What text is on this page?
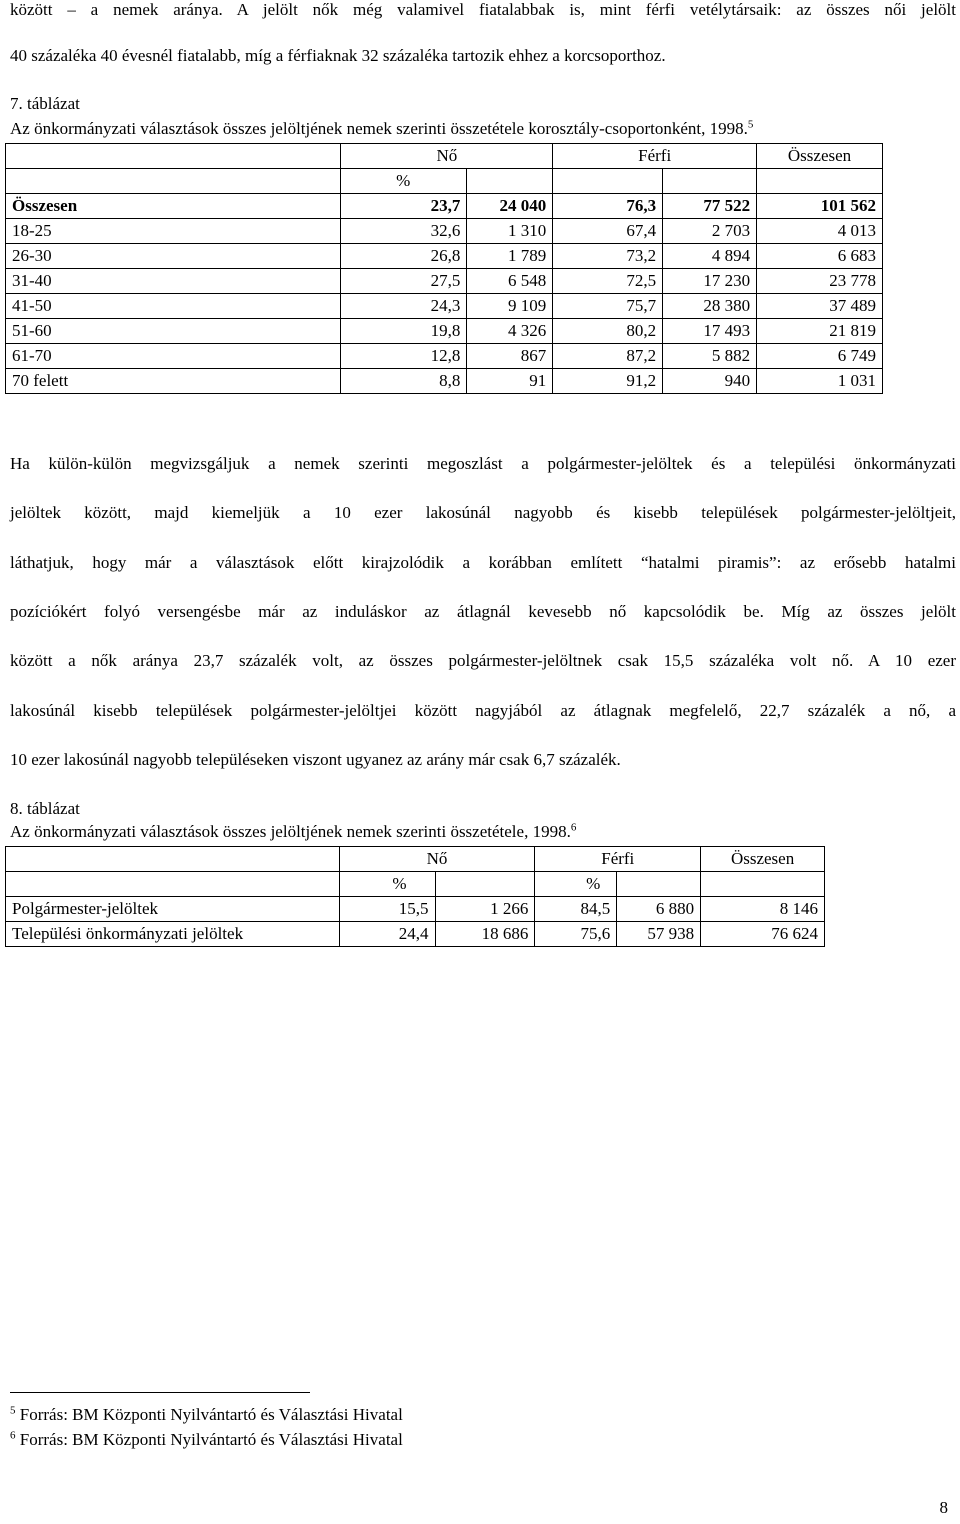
között – a nemek aránya. A jelölt nők még valamivel fiatalabbak is, mint férfi vetélytársaik: az összes női jelölt
40 százaléka 40 évesnél fiatalabb, míg a férfiaknak 32 százaléka tartozik ehhez a korcsoporthoz.
7. táblázat
Az önkormányzati választások összes jelöltjének nemek szerinti összetétele korosztály-csoportonként, 1998.$^5$
	Nő		Férfi		Összesen
	%				
Összesen	23,7	24 040	76,3	77 522	101 562
18-25	32,6	1 310	67,4	2 703	4 013
26-30	26,8	1 789	73,2	4 894	6 683
31-40	27,5	6 548	72,5	17 230	23 778
41-50	24,3	9 109	75,7	28 380	37 489
51-60	19,8	4 326	80,2	17 493	21 819
61-70	12,8	867	87,2	5 882	6 749
70 felett	8,8	91	91,2	940	1 031
Ha külön-külön megvizsgáljuk a nemek szerinti megoszlást a polgármester-jelöltek és a települési önkormányzati
jelöltek között, majd kiemeljük a 10 ezer lakosúnál nagyobb és kisebb települések polgármester-jelöltjeit,
láthatjuk, hogy már a választások előtt kirajzolódik a korábban említett “hatalmi piramis”: az erősebb hatalmi
pozíciókért folyó versengésbe már az induláskor az átlagnál kevesebb nő kapcsolódik be. Míg az összes jelölt
között a nők aránya 23,7 százalék volt, az összes polgármester-jelöltnek csak 15,5 százaléka volt nő. A 10 ezer
lakosúnál kisebb települések polgármester-jelöltjei között nagyjából az átlagnak megfelelő, 22,7 százalék a nő, a
10 ezer lakosúnál nagyobb településeken viszont ugyanez az arány már csak 6,7 százalék.
8. táblázat
Az önkormányzati választások összes jelöltjének nemek szerinti összetétele, 1998.$^6$
	Nő		Férfi		Összesen
	%		%		
Polgármester-jelöltek	15,5	1 266	84,5	6 880	8 146
Települési önkormányzati jelöltek	24,4	18 686	75,6	57 938	76 624
$^5$ Forrás: BM Központi Nyilvántartó és Választási Hivatal
$^6$ Forrás: BM Központi Nyilvántartó és Választási Hivatal
8
